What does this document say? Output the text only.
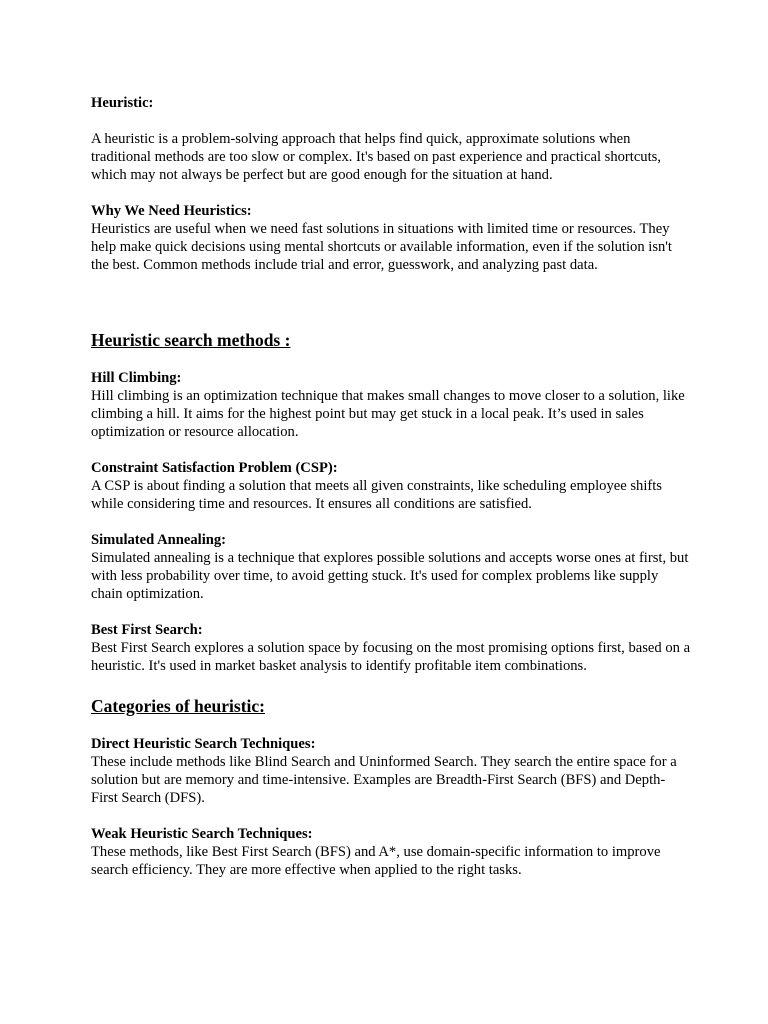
Heuristic:

A heuristic is a problem-solving approach that helps find quick, approximate solutions when traditional methods are too slow or complex. It's based on past experience and practical shortcuts, which may not always be perfect but are good enough for the situation at hand.

Why We Need Heuristics:

Heuristics are useful when we need fast solutions in situations with limited time or resources. They help make quick decisions using mental shortcuts or available information, even if the solution isn't the best. Common methods include trial and error, guesswork, and analyzing past data.

Heuristic search methods :

Hill Climbing:

Hill climbing is an optimization technique that makes small changes to move closer to a solution, like climbing a hill. It aims for the highest point but may get stuck in a local peak. It’s used in sales optimization or resource allocation.

Constraint Satisfaction Problem (CSP):

A CSP is about finding a solution that meets all given constraints, like scheduling employee shifts while considering time and resources. It ensures all conditions are satisfied.

Simulated Annealing:

Simulated annealing is a technique that explores possible solutions and accepts worse ones at first, but with less probability over time, to avoid getting stuck. It's used for complex problems like supply chain optimization.

Best First Search:

Best First Search explores a solution space by focusing on the most promising options first, based on a heuristic. It's used in market basket analysis to identify profitable item combinations.

Categories of heuristic:

Direct Heuristic Search Techniques:

These include methods like Blind Search and Uninformed Search. They search the entire space for a solution but are memory and time-intensive. Examples are Breadth-First Search (BFS) and Depth-First Search (DFS).

Weak Heuristic Search Techniques:

These methods, like Best First Search (BFS) and A*, use domain-specific information to improve search efficiency. They are more effective when applied to the right tasks.
